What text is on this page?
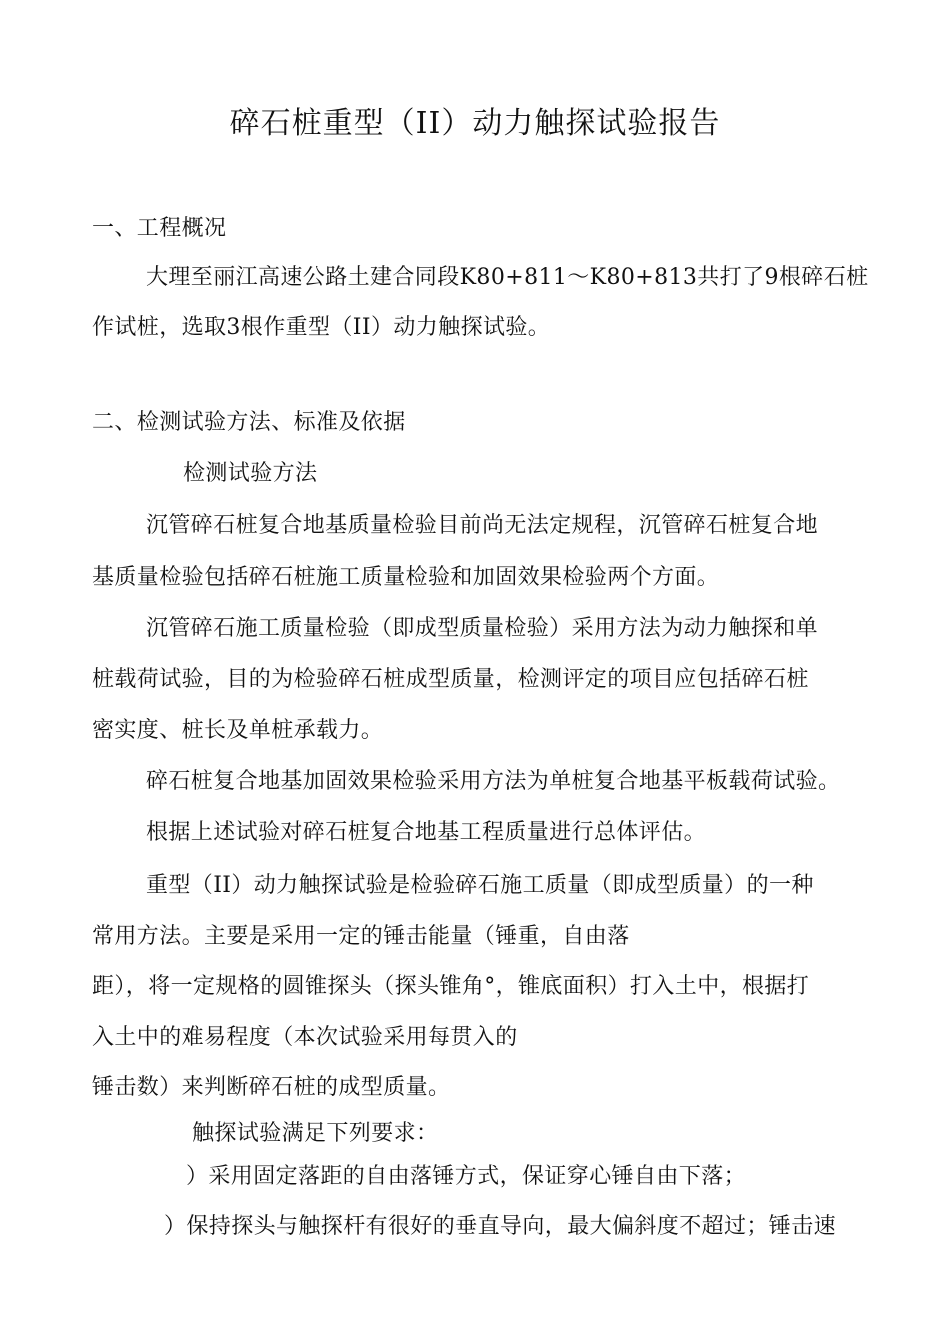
碎石桩重型（II）动力触探试验报告
一、工程概况
大理至丽江高速公路土建合同段K80+811～K80+813共打了9根碎石桩
作试桩，选取3根作重型（II）动力触探试验。
二、检测试验方法、标准及依据
检测试验方法
沉管碎石桩复合地基质量检验目前尚无法定规程，沉管碎石桩复合地
基质量检验包括碎石桩施工质量检验和加固效果检验两个方面。
沉管碎石施工质量检验（即成型质量检验）采用方法为动力触探和单
桩载荷试验，目的为检验碎石桩成型质量，检测评定的项目应包括碎石桩
密实度、桩长及单桩承载力。
碎石桩复合地基加固效果检验采用方法为单桩复合地基平板载荷试验。
根据上述试验对碎石桩复合地基工程质量进行总体评估。
重型（II）动力触探试验是检验碎石施工质量（即成型质量）的一种
常用方法。主要是采用一定的锤击能量（锤重，自由落
距），将一定规格的圆锥探头（探头锥角°，锥底面积）打入土中，根据打
入土中的难易程度（本次试验采用每贯入的
锤击数）来判断碎石桩的成型质量。
触探试验满足下列要求：
）采用固定落距的自由落锤方式，保证穿心锤自由下落；
）保持探头与触探杆有很好的垂直导向，最大偏斜度不超过；锤击速
